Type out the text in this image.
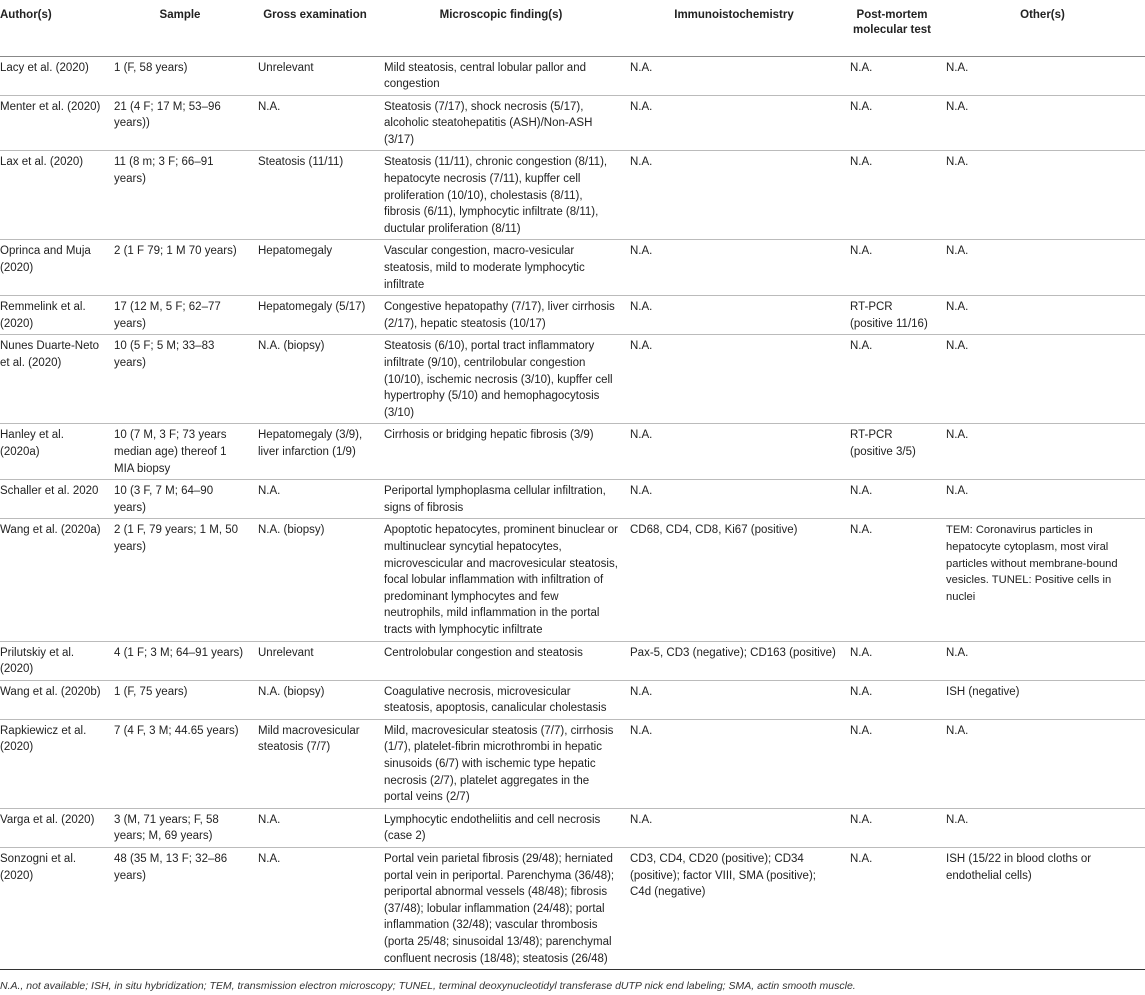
Author(s)	Sample	Gross examination	Microscopic finding(s)	Immunoistochemistry	Post-mortem molecular test	Other(s)
Lacy et al. (2020)	1 (F, 58 years)	Unrelevant	Mild steatosis, central lobular pallor and congestion	N.A.	N.A.	N.A.
Menter et al. (2020)	21 (4 F; 17 M; 53–96 years))	N.A.	Steatosis (7/17), shock necrosis (5/17), alcoholic steatohepatitis (ASH)/Non-ASH (3/17)	N.A.	N.A.	N.A.
Lax et al. (2020)	11 (8 m; 3 F; 66–91 years)	Steatosis (11/11)	Steatosis (11/11), chronic congestion (8/11), hepatocyte necrosis (7/11), kupffer cell proliferation (10/10), cholestasis (8/11), fibrosis (6/11), lymphocytic infiltrate (8/11), ductular proliferation (8/11)	N.A.	N.A.	N.A.
Oprinca and Muja (2020)	2 (1 F 79; 1 M 70 years)	Hepatomegaly	Vascular congestion, macro-vesicular steatosis, mild to moderate lymphocytic infiltrate	N.A.	N.A.	N.A.
Remmelink et al. (2020)	17 (12 M, 5 F; 62–77 years)	Hepatomegaly (5/17)	Congestive hepatopathy (7/17), liver cirrhosis (2/17), hepatic steatosis (10/17)	N.A.	RT-PCR (positive 11/16)	N.A.
Nunes Duarte-Neto et al. (2020)	10 (5 F; 5 M; 33–83 years)	N.A. (biopsy)	Steatosis (6/10), portal tract inflammatory infiltrate (9/10), centrilobular congestion (10/10), ischemic necrosis (3/10), kupffer cell hypertrophy (5/10) and hemophagocytosis (3/10)	N.A.	N.A.	N.A.
Hanley et al. (2020a)	10 (7 M, 3 F; 73 years median age) thereof 1 MIA biopsy	Hepatomegaly (3/9), liver infarction (1/9)	Cirrhosis or bridging hepatic fibrosis (3/9)	N.A.	RT-PCR (positive 3/5)	N.A.
Schaller et al. 2020	10 (3 F, 7 M; 64–90 years)	N.A.	Periportal lymphoplasma cellular infiltration, signs of fibrosis	N.A.	N.A.	N.A.
Wang et al. (2020a)	2 (1 F, 79 years; 1 M, 50 years)	N.A. (biopsy)	Apoptotic hepatocytes, prominent binuclear or multinuclear syncytial hepatocytes, microvescicular and macrovesicular steatosis, focal lobular inflammation with infiltration of predominant lymphocytes and few neutrophils, mild inflammation in the portal tracts with lymphocytic infiltrate	CD68, CD4, CD8, Ki67 (positive)	N.A.	TEM: Coronavirus particles in hepatocyte cytoplasm, most viral particles without membrane-bound vesicles. TUNEL: Positive cells in nuclei
Prilutskiy et al. (2020)	4 (1 F; 3 M; 64–91 years)	Unrelevant	Centrolobular congestion and steatosis	Pax-5, CD3 (negative); CD163 (positive)	N.A.	N.A.
Wang et al. (2020b)	1 (F, 75 years)	N.A. (biopsy)	Coagulative necrosis, microvesicular steatosis, apoptosis, canalicular cholestasis	N.A.	N.A.	ISH (negative)
Rapkiewicz et al. (2020)	7 (4 F, 3 M; 44.65 years)	Mild macrovesicular steatosis (7/7)	Mild, macrovesicular steatosis (7/7), cirrhosis (1/7), platelet-fibrin microthrombi in hepatic sinusoids (6/7) with ischemic type hepatic necrosis (2/7), platelet aggregates in the portal veins (2/7)	N.A.	N.A.	N.A.
Varga et al. (2020)	3 (M, 71 years; F, 58 years; M, 69 years)	N.A.	Lymphocytic endotheliitis and cell necrosis (case 2)	N.A.	N.A.	N.A.
Sonzogni et al. (2020)	48 (35 M, 13 F; 32–86 years)	N.A.	Portal vein parietal fibrosis (29/48); herniated portal vein in periportal. Parenchyma (36/48); periportal abnormal vessels (48/48); fibrosis (37/48); lobular inflammation (24/48); portal inflammation (32/48); vascular thrombosis (porta 25/48; sinusoidal 13/48); parenchymal confluent necrosis (18/48); steatosis (26/48)	CD3, CD4, CD20 (positive); CD34 (positive); factor VIII, SMA (positive); C4d (negative)	N.A.	ISH (15/22 in blood cloths or endothelial cells)
N.A., not available; ISH, in situ hybridization; TEM, transmission electron microscopy; TUNEL, terminal deoxynucleotidyl transferase dUTP nick end labeling; SMA, actin smooth muscle.
